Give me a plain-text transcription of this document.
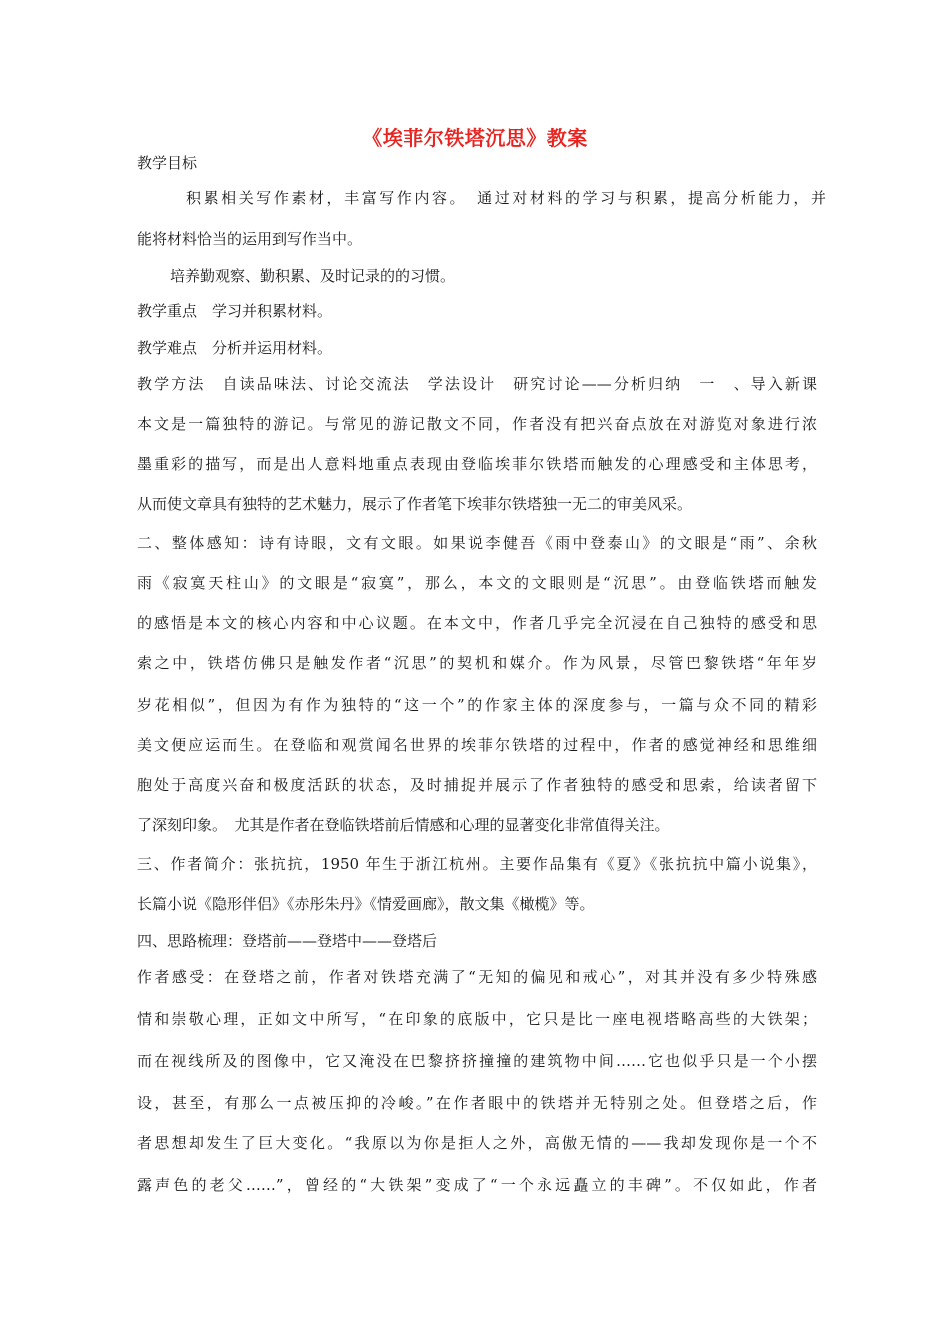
《埃菲尔铁塔沉思》教案
教学目标
积累相关写作素材，丰富写作内容。　通过对材料的学习与积累，提高分析能力，并
能将材料恰当的运用到写作当中。
培养勤观察、勤积累、及时记录的的习惯。
教学重点　学习并积累材料。
教学难点　分析并运用材料。
教学方法　自读品味法、讨论交流法　学法设计　研究讨论——分析归纳　一　、导入新课
本文是一篇独特的游记。与常见的游记散文不同，作者没有把兴奋点放在对游览对象进行浓
墨重彩的描写，而是出人意料地重点表现由登临埃菲尔铁塔而触发的心理感受和主体思考，
从而使文章具有独特的艺术魅力，展示了作者笔下埃菲尔铁塔独一无二的审美风采。
二、整体感知：诗有诗眼，文有文眼。如果说李健吾《雨中登泰山》的文眼是“雨”、余秋
雨《寂寞天柱山》的文眼是“寂寞”，那么，本文的文眼则是“沉思”。由登临铁塔而触发
的感悟是本文的核心内容和中心议题。在本文中，作者几乎完全沉浸在自己独特的感受和思
索之中，铁塔仿佛只是触发作者“沉思”的契机和媒介。作为风景，尽管巴黎铁塔“年年岁
岁花相似”，但因为有作为独特的“这一个”的作家主体的深度参与，一篇与众不同的精彩
美文便应运而生。在登临和观赏闻名世界的埃菲尔铁塔的过程中，作者的感觉神经和思维细
胞处于高度兴奋和极度活跃的状态，及时捕捉并展示了作者独特的感受和思索，给读者留下
了深刻印象。　尤其是作者在登临铁塔前后情感和心理的显著变化非常值得关注。
三、作者简介：张抗抗，1950 年生于浙江杭州。主要作品集有《夏》《张抗抗中篇小说集》，
长篇小说《隐形伴侣》《赤彤朱丹》《情爱画廊》，散文集《橄榄》等。
四、思路梳理：登塔前——登塔中——登塔后
作者感受：在登塔之前，作者对铁塔充满了“无知的偏见和戒心”，对其并没有多少特殊感
情和崇敬心理，正如文中所写，“在印象的底版中，它只是比一座电视塔略高些的大铁架；
而在视线所及的图像中，它又淹没在巴黎挤挤撞撞的建筑物中间……它也似乎只是一个小摆
设，甚至，有那么一点被压抑的冷峻。”在作者眼中的铁塔并无特别之处。但登塔之后，作
者思想却发生了巨大变化。“我原以为你是拒人之外，高傲无情的——我却发现你是一个不
露声色的老父……”，曾经的“大铁架”变成了“一个永远矗立的丰碑”。不仅如此，作者
